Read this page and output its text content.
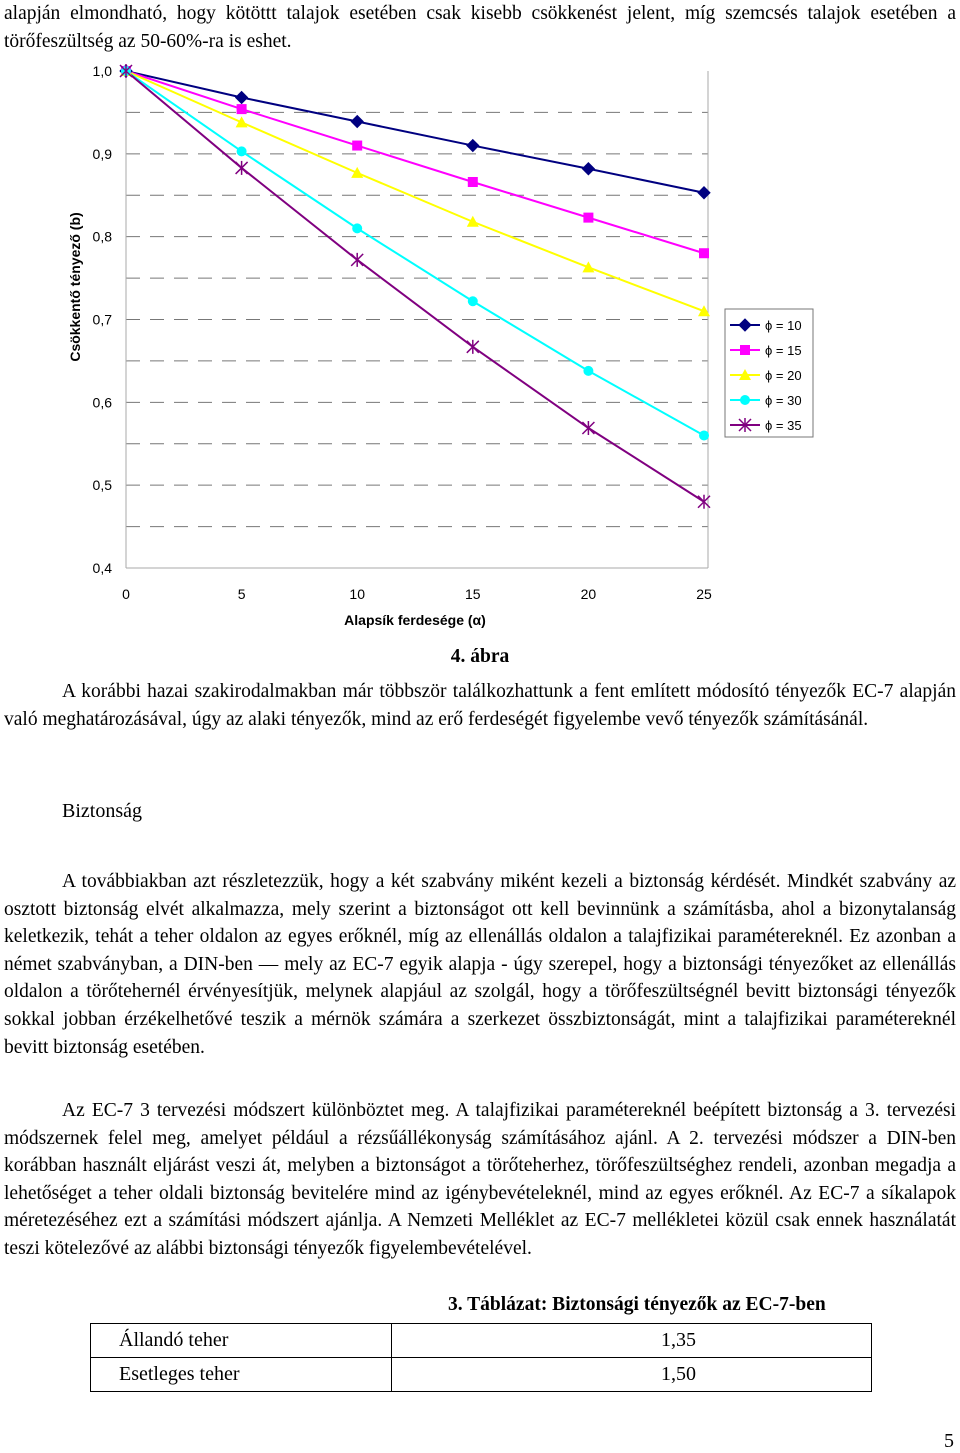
alapján elmondható, hogy kötöttt talajok esetében csak kisebb csökkenést jelent, míg szemcsés talajok esetében a törőfeszültség az 50-60%-ra is eshet.

0,4
0,5
0,6
0,7
0,8
0,9
1,0
0	5	10	15	20	25
ϕ = 10
ϕ = 15
ϕ = 20
ϕ = 30
ϕ = 35
Alapsík ferdesége (α)
Csökkentő tényező (b)
4. ábra

A korábbi hazai szakirodalmakban már többször találkozhattunk a fent említett módosító tényezők EC-7 alapján való meghatározásával, úgy az alaki tényezők, mind az erő ferdeségét figyelembe vevő tényezők számításánál.

Biztonság

A továbbiakban azt részletezzük, hogy a két szabvány miként kezeli a biztonság kérdését. Mindkét szabvány az osztott biztonság elvét alkalmazza, mely szerint a biztonságot ott kell bevinnünk a számításba, ahol a bizonytalanság keletkezik, tehát a teher oldalon az egyes erőknél, míg az ellenállás oldalon a talajfizikai paramétereknél. Ez azonban a német szabványban, a DIN-ben — mely az EC-7 egyik alapja - úgy szerepel, hogy a biztonsági tényezőket az ellenállás oldalon a törőtehernél érvényesítjük, melynek alapjául az szolgál, hogy a törőfeszültségnél bevitt biztonsági tényezők sokkal jobban érzékelhetővé teszik a mérnök számára a szerkezet összbiztonságát, mint a talajfizikai paramétereknél bevitt biztonság esetében.

Az EC-7 3 tervezési módszert különböztet meg. A talajfizikai paramétereknél beépített biztonság a 3. tervezési módszernek felel meg, amelyet például a rézsűállékonyság számításához ajánl. A 2. tervezési módszer a DIN-ben korábban használt eljárást veszi át, melyben a biztonságot a törőteherhez, törőfeszültséghez rendeli, azonban megadja a lehetőséget a teher oldali biztonság bevitelére mind az igénybevételeknél, mind az egyes erőknél. Az EC-7 a síkalapok méretezéséhez ezt a számítási módszert ajánlja. A Nemzeti Melléklet az EC-7 mellékletei közül csak ennek használatát teszi kötelezővé az alábbi biztonsági tényezők figyelembevételével.

3. Táblázat: Biztonsági tényezők az EC-7-ben
Állandó teher	1,35
Esetleges teher	1,50
5
